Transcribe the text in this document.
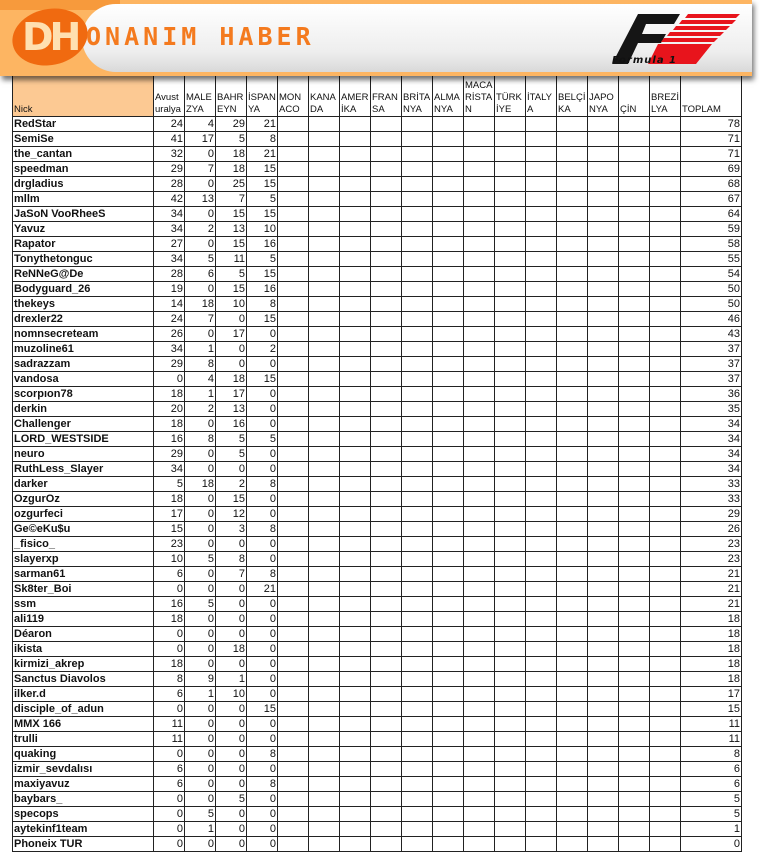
DH ONANIM HABER
Formula 1
Nick	Avusturalya	MALEZYA	BAHREYN	İSPANYA	MONACO	KANADA	AMERİKA	FRANSA	BRİTANYA	ALMANYA	MACARİSTAN	TÜRKİYE	İTALYA	BELÇİKA	JAPONYA	ÇİN	BREZİLYA	TOPLAM
RedStar	24	4	29	21														78
SemiSe	41	17	5	8														71
the_cantan	32	0	18	21														71
speedman	29	7	18	15														69
drgladius	28	0	25	15														68
mllm	42	13	7	5														67
JaSoN VooRheeS	34	0	15	15														64
Yavuz	34	2	13	10														59
Rapator	27	0	15	16														58
Tonythetonguc	34	5	11	5														55
ReNNeG@De	28	6	5	15														54
Bodyguard_26	19	0	15	16														50
thekeys	14	18	10	8														50
drexler22	24	7	0	15														46
nomnsecreteam	26	0	17	0														43
muzoline61	34	1	0	2														37
sadrazzam	29	8	0	0														37
vandosa	0	4	18	15														37
scorpıon78	18	1	17	0														36
derkin	20	2	13	0														35
Challenger	18	0	16	0														34
LORD_WESTSIDE	16	8	5	5														34
neuro	29	0	5	0														34
RuthLess_Slayer	34	0	0	0														34
darker	5	18	2	8														33
OzgurOz	18	0	15	0														33
ozgurfeci	17	0	12	0														29
Ge©eKu$u	15	0	3	8														26
_fisico_	23	0	0	0														23
slayerxp	10	5	8	0														23
sarman61	6	0	7	8														21
Sk8ter_Boi	0	0	0	21														21
ssm	16	5	0	0														21
ali119	18	0	0	0														18
Déaron	0	0	0	0														18
ikista	0	0	18	0														18
kirmizi_akrep	18	0	0	0														18
Sanctus Diavolos	8	9	1	0														18
ilker.d	6	1	10	0														17
disciple_of_adun	0	0	0	15														15
MMX 166	11	0	0	0														11
trulli	11	0	0	0														11
quaking	0	0	0	8														8
izmir_sevdalısı	6	0	0	0														6
maxiyavuz	6	0	0	8														6
baybars_	0	0	5	0														5
specops	0	5	0	0														5
aytekinf1team	0	1	0	0														1
Phoneix TUR	0	0	0	0														0
